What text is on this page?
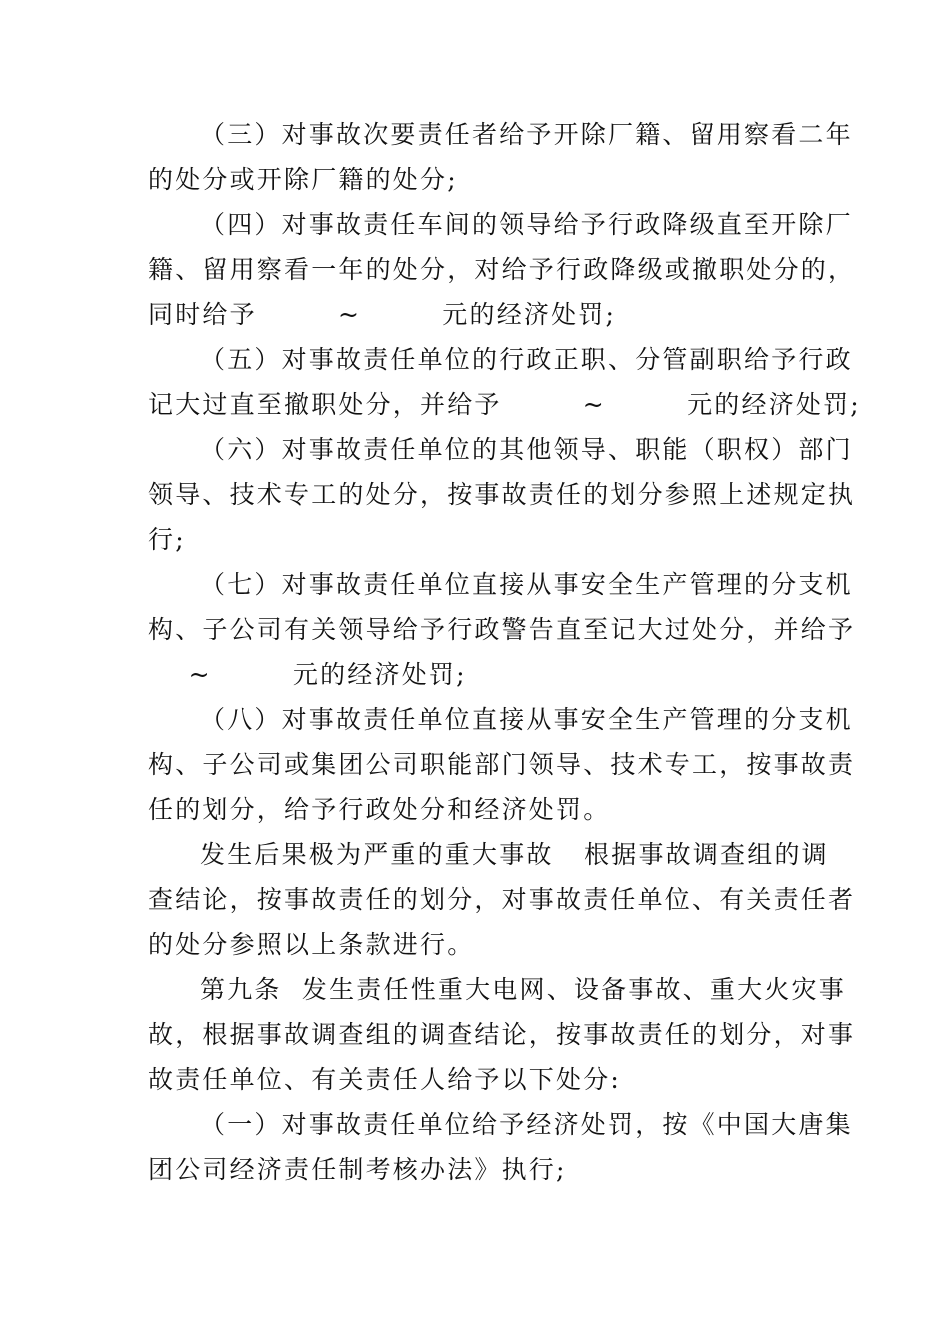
（三）对事故次要责任者给予开除厂籍、留用察看二年
的处分或开除厂籍的处分;
（四）对事故责任车间的领导给予行政降级直至开除厂
籍、留用察看一年的处分，对给予行政降级或撤职处分的，
同时给予        ~        元的经济处罚;
（五）对事故责任单位的行政正职、分管副职给予行政
记大过直至撤职处分，并给予        ~        元的经济处罚;
（六）对事故责任单位的其他领导、职能（职权）部门
领导、技术专工的处分，按事故责任的划分参照上述规定执
行;
（七）对事故责任单位直接从事安全生产管理的分支机
构、子公司有关领导给予行政警告直至记大过处分，并给予
~        元的经济处罚;
（八）对事故责任单位直接从事安全生产管理的分支机
构、子公司或集团公司职能部门领导、技术专工，按事故责
任的划分，给予行政处分和经济处罚。
发生后果极为严重的重大事故   根据事故调查组的调
查结论，按事故责任的划分，对事故责任单位、有关责任者
的处分参照以上条款进行。
第九条  发生责任性重大电网、设备事故、重大火灾事
故，根据事故调查组的调查结论，按事故责任的划分，对事
故责任单位、有关责任人给予以下处分:
（一）对事故责任单位给予经济处罚，按《中国大唐集
团公司经济责任制考核办法》执行;
